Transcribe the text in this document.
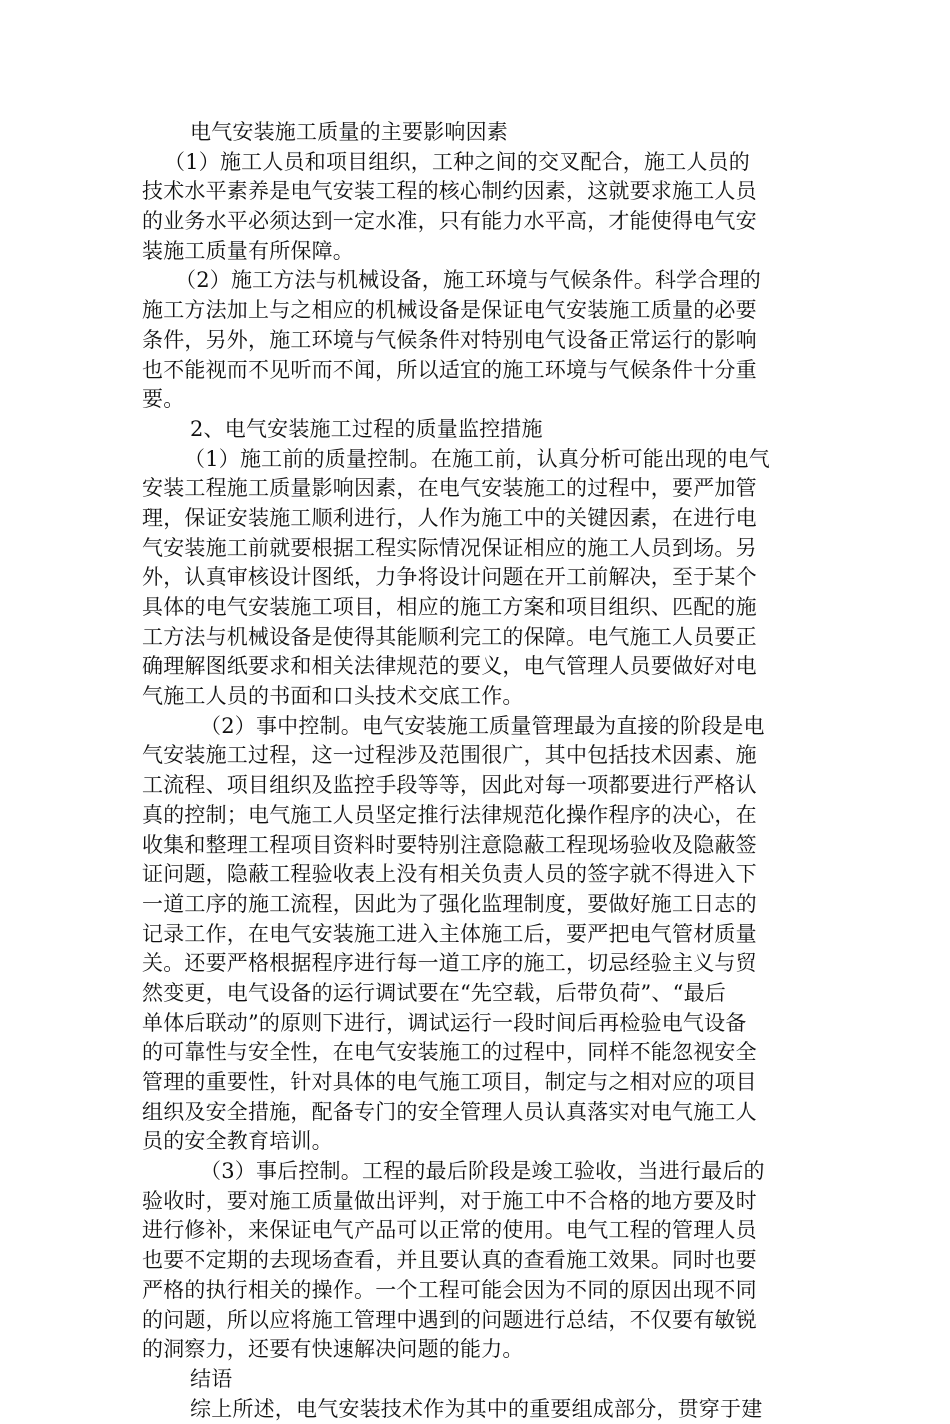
电气安装施工质量的主要影响因素
（1）施工人员和项目组织，工种之间的交叉配合，施工人员的
技术水平素养是电气安装工程的核心制约因素，这就要求施工人员
的业务水平必须达到一定水准，只有能力水平高，才能使得电气安
装施工质量有所保障。
（2）施工方法与机械设备，施工环境与气候条件。科学合理的
施工方法加上与之相应的机械设备是保证电气安装施工质量的必要
条件，另外，施工环境与气候条件对特别电气设备正常运行的影响
也不能视而不见听而不闻，所以适宜的施工环境与气候条件十分重
要。
2、电气安装施工过程的质量监控措施
（1）施工前的质量控制。在施工前，认真分析可能出现的电气
安装工程施工质量影响因素，在电气安装施工的过程中，要严加管
理，保证安装施工顺利进行，人作为施工中的关键因素，在进行电
气安装施工前就要根据工程实际情况保证相应的施工人员到场。另
外，认真审核设计图纸，力争将设计问题在开工前解决，至于某个
具体的电气安装施工项目，相应的施工方案和项目组织、匹配的施
工方法与机械设备是使得其能顺利完工的保障。电气施工人员要正
确理解图纸要求和相关法律规范的要义，电气管理人员要做好对电
气施工人员的书面和口头技术交底工作。
（2）事中控制。电气安装施工质量管理最为直接的阶段是电
气安装施工过程，这一过程涉及范围很广，其中包括技术因素、施
工流程、项目组织及监控手段等等，因此对每一项都要进行严格认
真的控制；电气施工人员坚定推行法律规范化操作程序的决心，在
收集和整理工程项目资料时要特别注意隐蔽工程现场验收及隐蔽签
证问题，隐蔽工程验收表上没有相关负责人员的签字就不得进入下
一道工序的施工流程，因此为了强化监理制度，要做好施工日志的
记录工作，在电气安装施工进入主体施工后，要严把电气管材质量
关。还要严格根据程序进行每一道工序的施工，切忌经验主义与贸
然变更，电气设备的运行调试要在“先空载，后带负荷”、“最后
单体后联动”的原则下进行，调试运行一段时间后再检验电气设备
的可靠性与安全性，在电气安装施工的过程中，同样不能忽视安全
管理的重要性，针对具体的电气施工项目，制定与之相对应的项目
组织及安全措施，配备专门的安全管理人员认真落实对电气施工人
员的安全教育培训。
（3）事后控制。工程的最后阶段是竣工验收，当进行最后的
验收时，要对施工质量做出评判，对于施工中不合格的地方要及时
进行修补，来保证电气产品可以正常的使用。电气工程的管理人员
也要不定期的去现场查看，并且要认真的查看施工效果。同时也要
严格的执行相关的操作。一个工程可能会因为不同的原因出现不同
的问题，所以应将施工管理中遇到的问题进行总结，不仅要有敏锐
的洞察力，还要有快速解决问题的能力。
结语
综上所述，电气安装技术作为其中的重要组成部分，贯穿于建
